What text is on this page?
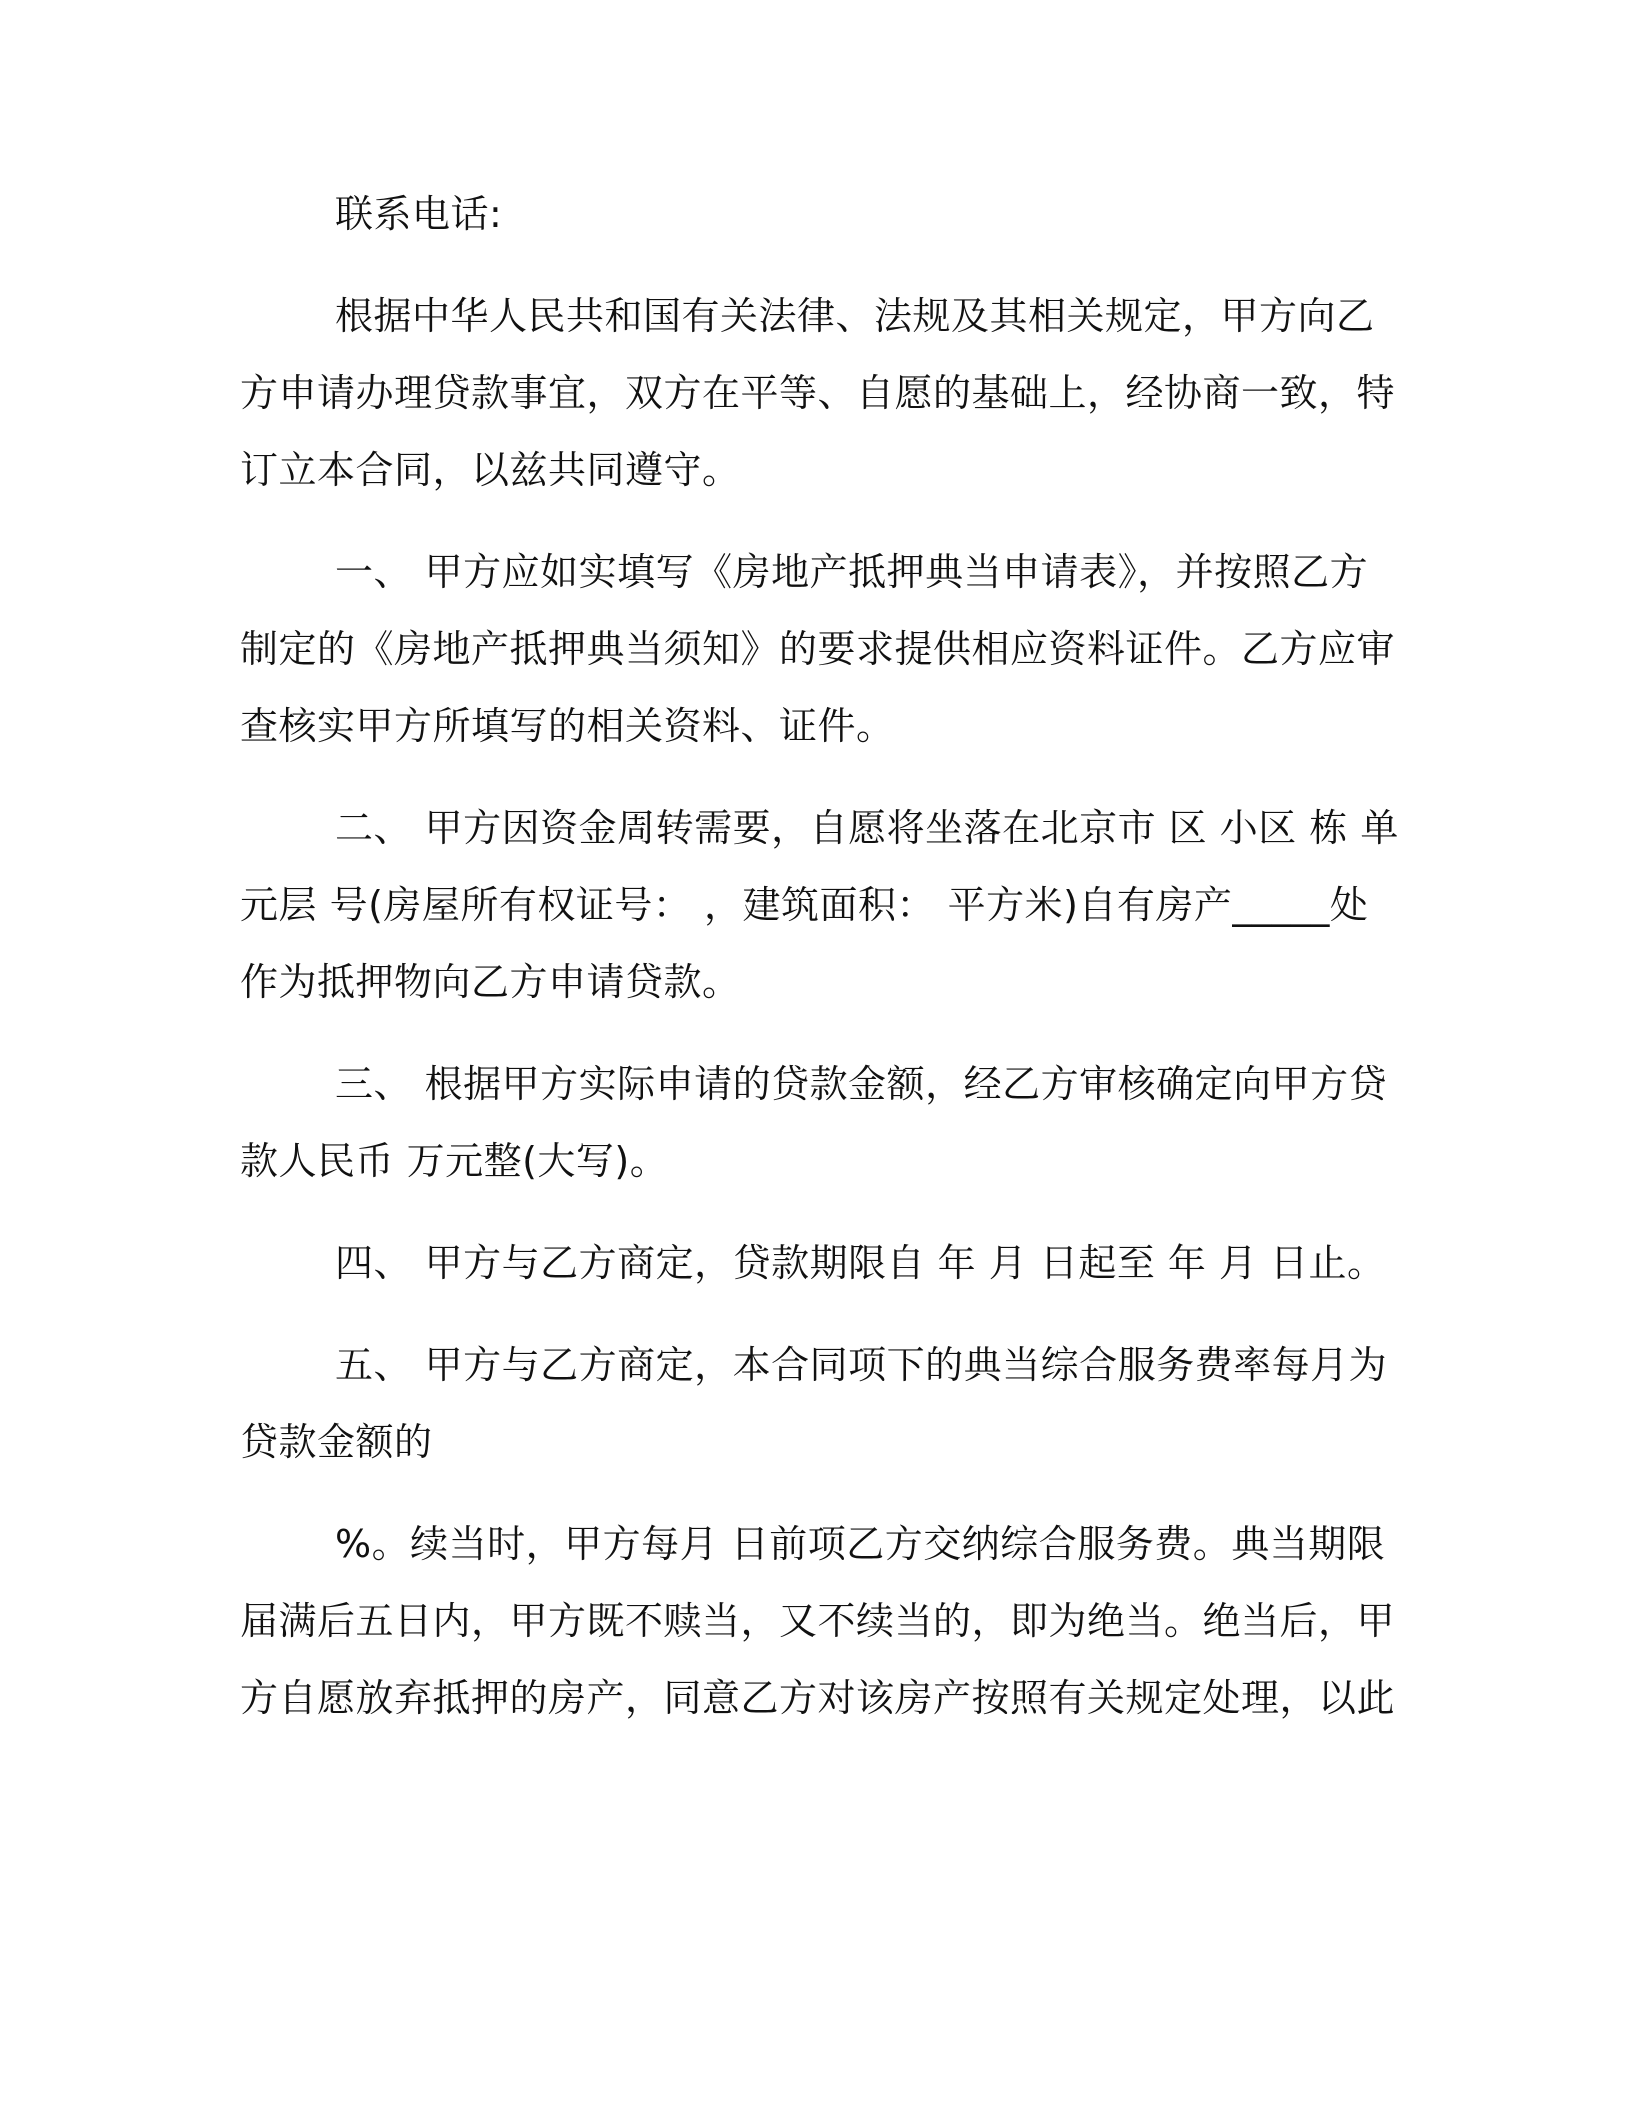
联系电话:

根据中华人民共和国有关法律、法规及其相关规定，甲方向乙方申请办理贷款事宜，双方在平等、自愿的基础上，经协商一致，特订立本合同，以兹共同遵守。

一、 甲方应如实填写《房地产抵押典当申请表》，并按照乙方制定的《房地产抵押典当须知》的要求提供相应资料证件。乙方应审查核实甲方所填写的相关资料、证件。

二、 甲方因资金周转需要，自愿将坐落在北京市 区 小区 栋 单元层 号(房屋所有权证号： ，建筑面积： 平方米)自有房产_____处作为抵押物向乙方申请贷款。

三、 根据甲方实际申请的贷款金额，经乙方审核确定向甲方贷款人民币 万元整(大写)。

四、 甲方与乙方商定，贷款期限自 年 月 日起至 年 月 日止。

五、 甲方与乙方商定，本合同项下的典当综合服务费率每月为贷款金额的

%。续当时，甲方每月 日前项乙方交纳综合服务费。典当期限届满后五日内，甲方既不赎当，又不续当的，即为绝当。绝当后，甲方自愿放弃抵押的房产，同意乙方对该房产按照有关规定处理，以此
